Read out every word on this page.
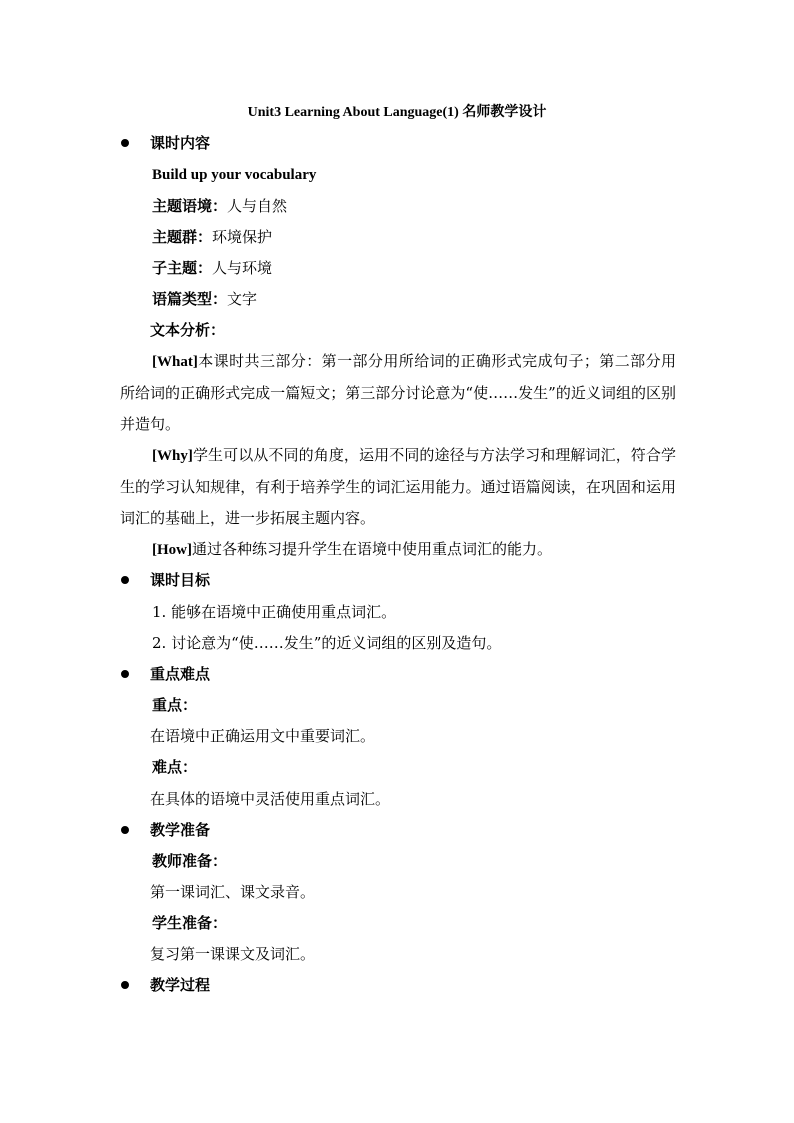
Unit3 Learning About Language(1) 名师教学设计
课时内容
Build up your vocabulary
主题语境：人与自然
主题群：环境保护
子主题：人与环境
语篇类型：文字
文本分析：
[What]本课时共三部分：第一部分用所给词的正确形式完成句子；第二部分用所给词的正确形式完成一篇短文；第三部分讨论意为“使……发生”的近义词组的区别并造句。
[Why]学生可以从不同的角度，运用不同的途径与方法学习和理解词汇，符合学生的学习认知规律，有利于培养学生的词汇运用能力。通过语篇阅读，在巩固和运用词汇的基础上，进一步拓展主题内容。
[How]通过各种练习提升学生在语境中使用重点词汇的能力。
课时目标
1. 能够在语境中正确使用重点词汇。
2. 讨论意为“使……发生”的近义词组的区别及造句。
重点难点
重点：
在语境中正确运用文中重要词汇。
难点：
在具体的语境中灵活使用重点词汇。
教学准备
教师准备：
第一课词汇、课文录音。
学生准备：
复习第一课课文及词汇。
教学过程
